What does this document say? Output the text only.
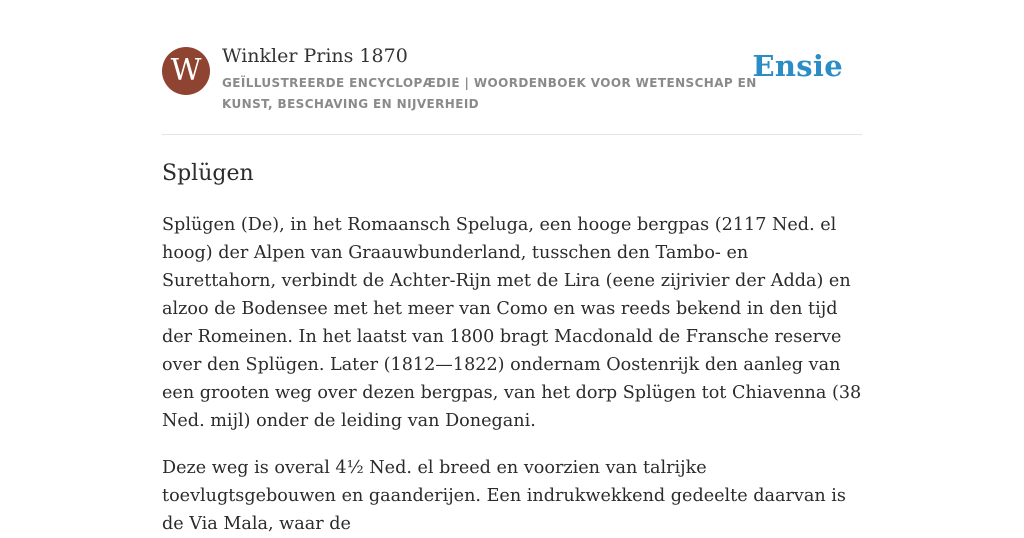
W	Winkler Prins 1870
GEÏLLUSTREERDE ENCYCLOPÆDIE | WOORDENBOEK VOOR WETENSCHAP EN KUNST, BESCHAVING EN NIJVERHEID
Ensie
Splügen

Splügen (De), in het Romaansch Speluga, een hooge bergpas (2117 Ned. el hoog) der Alpen van Graauwbunderland, tusschen den Tambo- en Surettahorn, verbindt de Achter-Rijn met de Lira (eene zijrivier der Adda) en alzoo de Bodensee met het meer van Como en was reeds bekend in den tijd der Romeinen. In het laatst van 1800 bragt Macdonald de Fransche reserve over den Splügen. Later (1812—1822) ondernam Oostenrijk den aanleg van een grooten weg over dezen bergpas, van het dorp Splügen tot Chiavenna (38 Ned. mijl) onder de leiding van Donegani.

Deze weg is overal 4½ Ned. el breed en voorzien van talrijke toevlugtsgebouwen en gaanderijen. Een indrukwekkend gedeelte daarvan is de Via Mala, waar de
